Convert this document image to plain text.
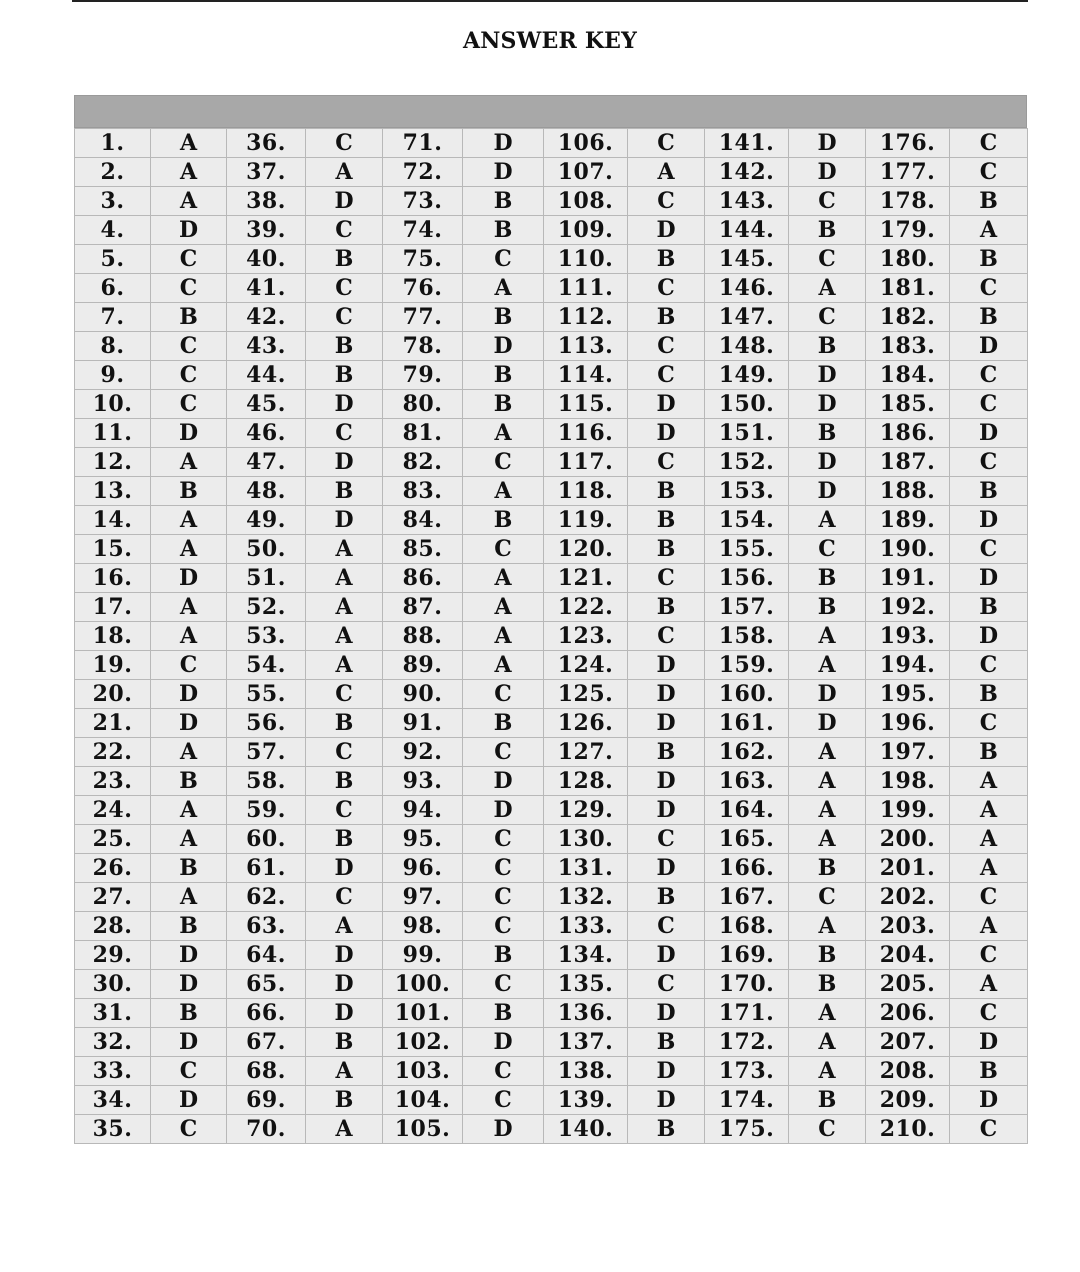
ANSWER KEY
1.	A	36.	C	71.	D	106.	C	141.	D	176.	C
2.	A	37.	A	72.	D	107.	A	142.	D	177.	C
3.	A	38.	D	73.	B	108.	C	143.	C	178.	B
4.	D	39.	C	74.	B	109.	D	144.	B	179.	A
5.	C	40.	B	75.	C	110.	B	145.	C	180.	B
6.	C	41.	C	76.	A	111.	C	146.	A	181.	C
7.	B	42.	C	77.	B	112.	B	147.	C	182.	B
8.	C	43.	B	78.	D	113.	C	148.	B	183.	D
9.	C	44.	B	79.	B	114.	C	149.	D	184.	C
10.	C	45.	D	80.	B	115.	D	150.	D	185.	C
11.	D	46.	C	81.	A	116.	D	151.	B	186.	D
12.	A	47.	D	82.	C	117.	C	152.	D	187.	C
13.	B	48.	B	83.	A	118.	B	153.	D	188.	B
14.	A	49.	D	84.	B	119.	B	154.	A	189.	D
15.	A	50.	A	85.	C	120.	B	155.	C	190.	C
16.	D	51.	A	86.	A	121.	C	156.	B	191.	D
17.	A	52.	A	87.	A	122.	B	157.	B	192.	B
18.	A	53.	A	88.	A	123.	C	158.	A	193.	D
19.	C	54.	A	89.	A	124.	D	159.	A	194.	C
20.	D	55.	C	90.	C	125.	D	160.	D	195.	B
21.	D	56.	B	91.	B	126.	D	161.	D	196.	C
22.	A	57.	C	92.	C	127.	B	162.	A	197.	B
23.	B	58.	B	93.	D	128.	D	163.	A	198.	A
24.	A	59.	C	94.	D	129.	D	164.	A	199.	A
25.	A	60.	B	95.	C	130.	C	165.	A	200.	A
26.	B	61.	D	96.	C	131.	D	166.	B	201.	A
27.	A	62.	C	97.	C	132.	B	167.	C	202.	C
28.	B	63.	A	98.	C	133.	C	168.	A	203.	A
29.	D	64.	D	99.	B	134.	D	169.	B	204.	C
30.	D	65.	D	100.	C	135.	C	170.	B	205.	A
31.	B	66.	D	101.	B	136.	D	171.	A	206.	C
32.	D	67.	B	102.	D	137.	B	172.	A	207.	D
33.	C	68.	A	103.	C	138.	D	173.	A	208.	B
34.	D	69.	B	104.	C	139.	D	174.	B	209.	D
35.	C	70.	A	105.	D	140.	B	175.	C	210.	C
